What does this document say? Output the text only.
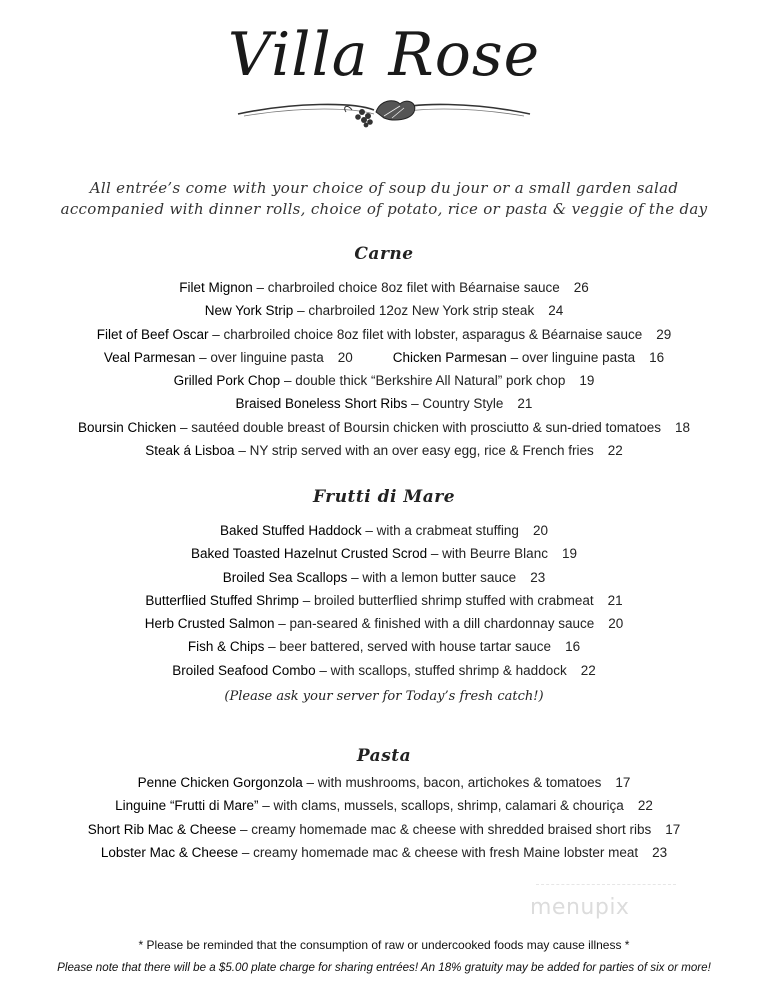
Villa Rose
All entrée’s come with your choice of soup du jour or a small garden salad
accompanied with dinner rolls, choice of potato, rice or pasta & veggie of the day
Carne
Filet Mignon – charbroiled choice 8oz filet with Béarnaise sauce 26
New York Strip – charbroiled 12oz New York strip steak 24
Filet of Beef Oscar – charbroiled choice 8oz filet with lobster, asparagus & Béarnaise sauce 29
Veal Parmesan – over linguine pasta 20	Chicken Parmesan – over linguine pasta 16
Grilled Pork Chop – double thick “Berkshire All Natural” pork chop 19
Braised Boneless Short Ribs – Country Style 21
Boursin Chicken – sautéed double breast of Boursin chicken with prosciutto & sun-dried tomatoes 18
Steak á Lisboa – NY strip served with an over easy egg, rice & French fries 22
Frutti di Mare
Baked Stuffed Haddock – with a crabmeat stuffing 20
Baked Toasted Hazelnut Crusted Scrod – with Beurre Blanc 19
Broiled Sea Scallops – with a lemon butter sauce 23
Butterflied Stuffed Shrimp – broiled butterflied shrimp stuffed with crabmeat 21
Herb Crusted Salmon – pan-seared & finished with a dill chardonnay sauce 20
Fish & Chips – beer battered, served with house tartar sauce 16
Broiled Seafood Combo – with scallops, stuffed shrimp & haddock 22
(Please ask your server for Today’s fresh catch!)
Pasta
Penne Chicken Gorgonzola – with mushrooms, bacon, artichokes & tomatoes 17
Linguine “Frutti di Mare” – with clams, mussels, scallops, shrimp, calamari & chouriça 22
Short Rib Mac & Cheese – creamy homemade mac & cheese with shredded braised short ribs 17
Lobster Mac & Cheese – creamy homemade mac & cheese with fresh Maine lobster meat 23
menupix
* Please be reminded that the consumption of raw or undercooked foods may cause illness *
Please note that there will be a $5.00 plate charge for sharing entrées! An 18% gratuity may be added for parties of six or more!
